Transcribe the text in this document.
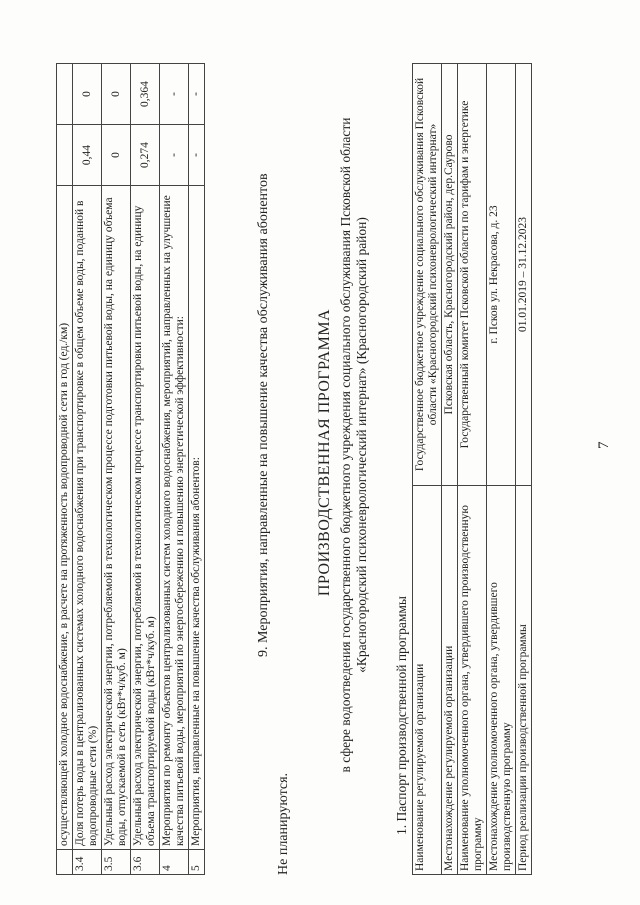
	осуществляющей холодное водоснабжение, в расчете на протяженность водопроводной сети в год (ед./км)		
3.4	Доля потерь воды в централизованных системах холодного водоснабжения при транспортировке в общем объеме воды, поданной в водопроводные сети (%)	0,44	0
3.5	Удельный расход электрической энергии, потребляемой в технологическом процессе подготовки питьевой воды, на единицу объема воды, отпускаемой в сеть (кВт*ч/куб. м)	0	0
3.6	Удельный расход электрической энергии, потребляемой в технологическом процессе транспортировки питьевой воды, на единицу объема транспортируемой воды (кВт*ч/куб. м)	0,274	0,364
4	Мероприятия по ремонту объектов централизованных систем холодного водоснабжения, мероприятий, направленных на улучшение качества питьевой воды, мероприятий по энергосбережению и повышению энергетической эффективности:	-	-
5	Мероприятия, направленные на повышение качества обслуживания абонентов:	-	-
9. Мероприятия, направленные на повышение качества обслуживания абонентов
Не планируются.
ПРОИЗВОДСТВЕННАЯ ПРОГРАММА в сфере водоотведения государственного бюджетного учреждения социального обслуживания Псковской области «Красногородский психоневрологический интернат» (Красногородский район)
1. Паспорт производственной программы Наименование регулируемой организации	Государственное бюджетное учреждение социального обслуживания Псковской области «Красногородский психоневрологический интернат»
Местонахождение регулируемой организации	Псковская область, Красногородский район, дер.Саурово
Наименование уполномоченного органа, утвердившего производственную программу	Государственный комитет Псковской области по тарифам и энергетике
Местонахождение уполномоченного органа, утвердившего производственную программу	г. Псков ул. Некрасова, д. 23
Период реализации производственной программы	01.01.2019 – 31.12.2023
7
